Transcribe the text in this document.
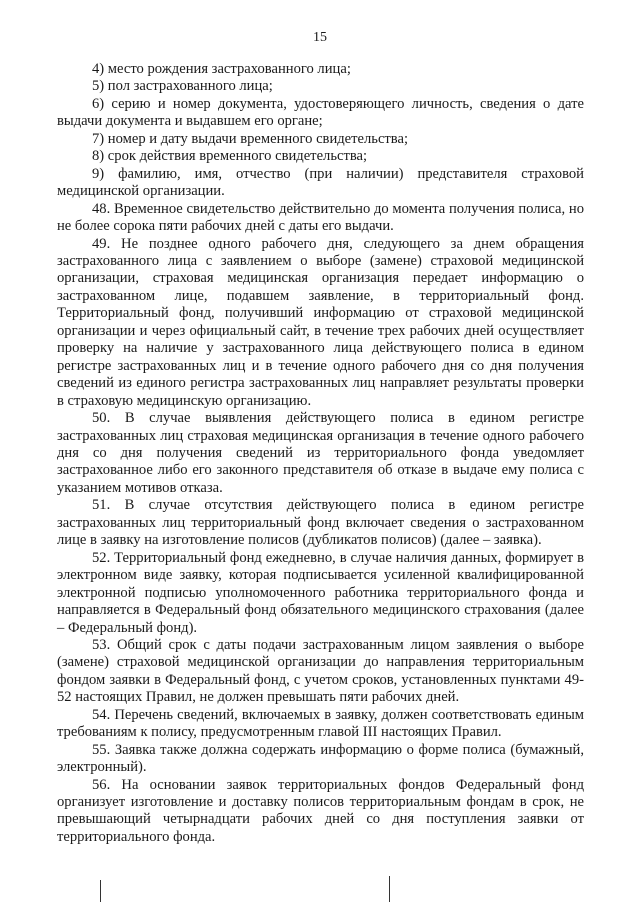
15

4) место рождения застрахованного лица;

5) пол застрахованного лица;

6) серию и номер документа, удостоверяющего личность, сведения о дате выдачи документа и выдавшем его органе;

7) номер и дату выдачи временного свидетельства;

8) срок действия временного свидетельства;

9) фамилию, имя, отчество (при наличии) представителя страховой медицинской организации.

48. Временное свидетельство действительно до момента получения полиса, но не более сорока пяти рабочих дней с даты его выдачи.

49. Не позднее одного рабочего дня, следующего за днем обращения застрахованного лица с заявлением о выборе (замене) страховой медицинской организации, страховая медицинская организация передает информацию о застрахованном лице, подавшем заявление, в территориальный фонд. Территориальный фонд, получивший информацию от страховой медицинской организации и через официальный сайт, в течение трех рабочих дней осуществляет проверку на наличие у застрахованного лица действующего полиса в едином регистре застрахованных лиц и в течение одного рабочего дня со дня получения сведений из единого регистра застрахованных лиц направляет результаты проверки в страховую медицинскую организацию.

50. В случае выявления действующего полиса в едином регистре застрахованных лиц страховая медицинская организация в течение одного рабочего дня со дня получения сведений из территориального фонда уведомляет застрахованное либо его законного представителя об отказе в выдаче ему полиса с указанием мотивов отказа.

51. В случае отсутствия действующего полиса в едином регистре застрахованных лиц территориальный фонд включает сведения о застрахованном лице в заявку на изготовление полисов (дубликатов полисов) (далее – заявка).

52. Территориальный фонд ежедневно, в случае наличия данных, формирует в электронном виде заявку, которая подписывается усиленной квалифицированной электронной подписью уполномоченного работника территориального фонда и направляется в Федеральный фонд обязательного медицинского страхования (далее – Федеральный фонд).

53. Общий срок с даты подачи застрахованным лицом заявления о выборе (замене) страховой медицинской организации до направления территориальным фондом заявки в Федеральный фонд, с учетом сроков, установленных пунктами 49-52 настоящих Правил, не должен превышать пяти рабочих дней.

54. Перечень сведений, включаемых в заявку, должен соответствовать единым требованиям к полису, предусмотренным главой III настоящих Правил.

55. Заявка также должна содержать информацию о форме полиса (бумажный, электронный).

56. На основании заявок территориальных фондов Федеральный фонд организует изготовление и доставку полисов территориальным фондам в срок, не превышающий четырнадцати рабочих дней со дня поступления заявки от территориального фонда.
